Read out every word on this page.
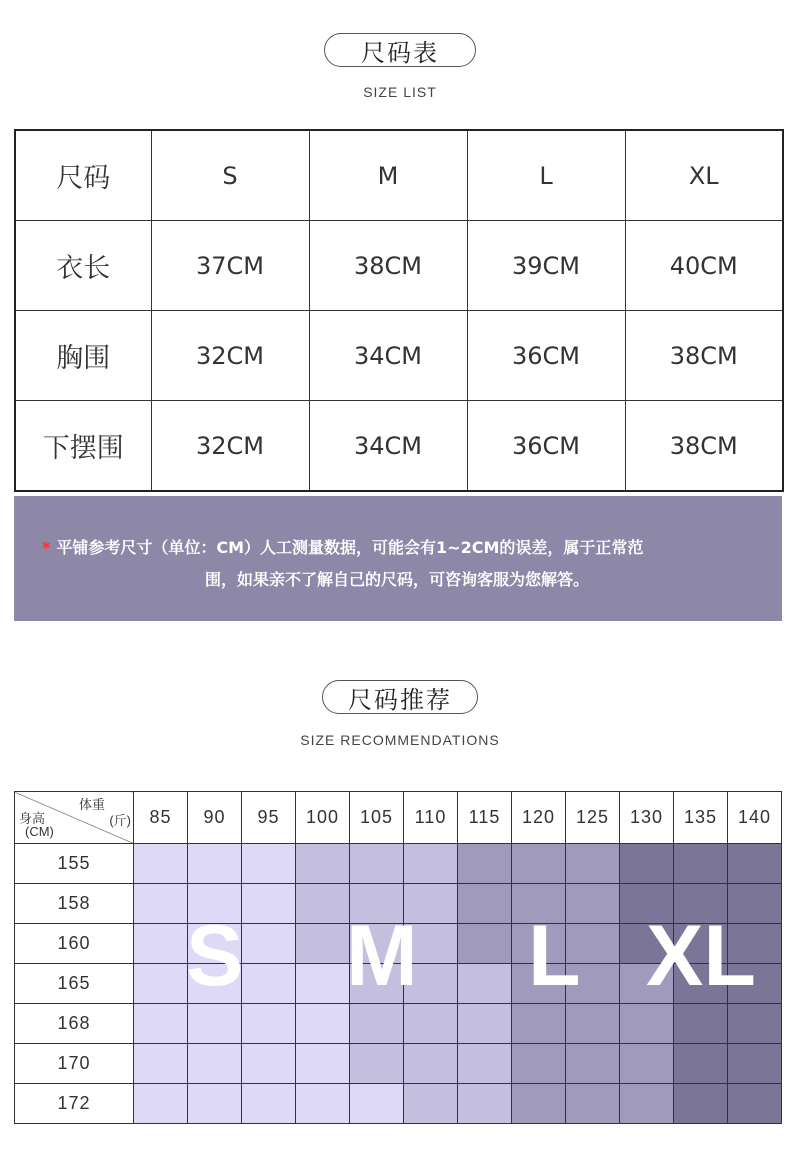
尺码表
SIZE LIST
尺码	S	M	L	XL
衣长	37CM	38CM	39CM	40CM
胸围	32CM	34CM	36CM	38CM
下摆围	32CM	34CM	36CM	38CM
* 平铺参考尺寸（单位：CM）人工测量数据，可能会有1~2CM的误差，属于正常范
围，如果亲不了解自己的尺码，可咨询客服为您解答。
尺码推荐
SIZE RECOMMENDATIONS
体重
(斤)
身高
(CM)	85	90	95	100	105	110	115	120	125	130	135	140
155												
158												
160												
165												
168												
170												
172												
S M L XL
